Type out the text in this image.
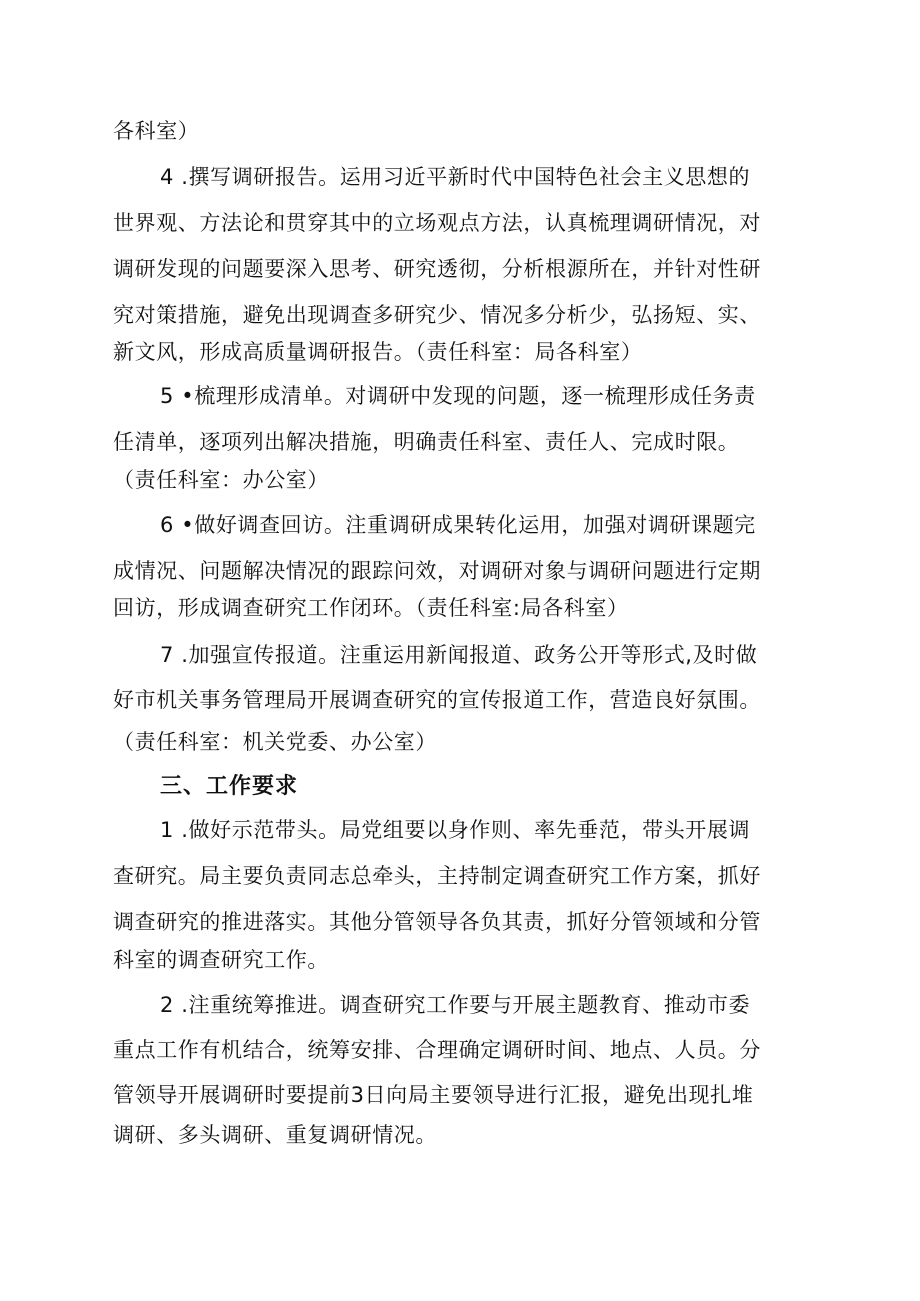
各科室）
4 .撰写调研报告。运用习近平新时代中国特色社会主义思想的
世界观、方法论和贯穿其中的立场观点方法，认真梳理调研情况，对
调研发现的问题要深入思考、研究透彻，分析根源所在，并针对性研
究对策措施，避免出现调查多研究少、情况多分析少，弘扬短、实、
新文风，形成高质量调研报告。（责任科室：局各科室）
5 •梳理形成清单。对调研中发现的问题，逐一梳理形成任务责
任清单，逐项列出解决措施，明确责任科室、责任人、完成时限。
（责任科室：办公室）
6 •做好调查回访。注重调研成果转化运用，加强对调研课题完
成情况、问题解决情况的跟踪问效，对调研对象与调研问题进行定期
回访，形成调查研究工作闭环。（责任科室:局各科室）
7 .加强宣传报道。注重运用新闻报道、政务公开等形式,及时做
好市机关事务管理局开展调查研究的宣传报道工作，营造良好氛围。
（责任科室：机关党委、办公室）
三、工作要求
1 .做好示范带头。局党组要以身作则、率先垂范，带头开展调
查研究。局主要负责同志总牵头，主持制定调查研究工作方案，抓好
调查研究的推进落实。其他分管领导各负其责，抓好分管领域和分管
科室的调查研究工作。
2 .注重统筹推进。调查研究工作要与开展主题教育、推动市委
重点工作有机结合，统筹安排、合理确定调研时间、地点、人员。分
管领导开展调研时要提前3日向局主要领导进行汇报，避免出现扎堆
调研、多头调研、重复调研情况。
